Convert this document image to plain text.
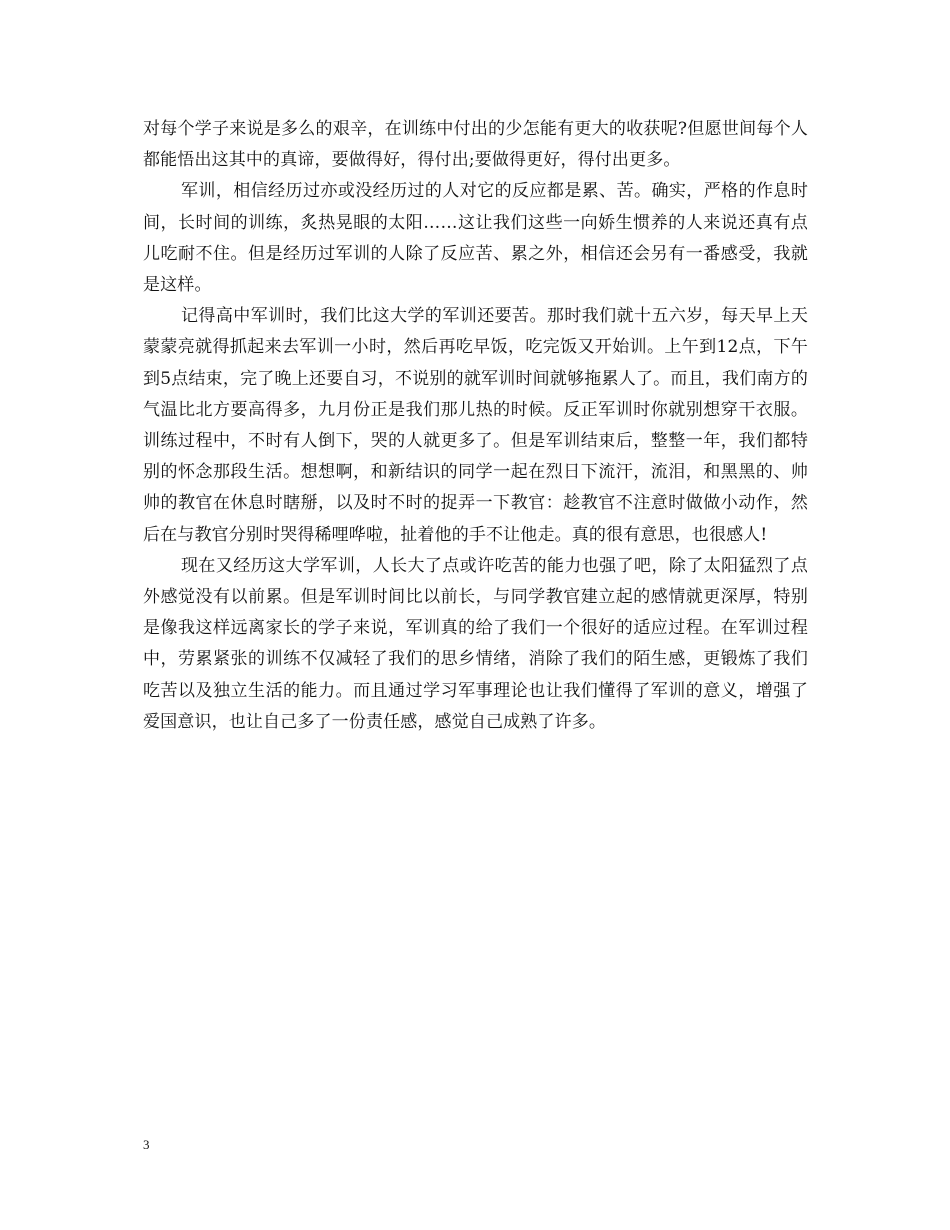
对每个学子来说是多么的艰辛，在训练中付出的少怎能有更大的收获呢?但愿世间每个人都能悟出这其中的真谛，要做得好，得付出;要做得更好，得付出更多。

军训，相信经历过亦或没经历过的人对它的反应都是累、苦。确实，严格的作息时间，长时间的训练，炙热晃眼的太阳……这让我们这些一向娇生惯养的人来说还真有点儿吃耐不住。但是经历过军训的人除了反应苦、累之外，相信还会另有一番感受，我就是这样。

记得高中军训时，我们比这大学的军训还要苦。那时我们就十五六岁，每天早上天蒙蒙亮就得抓起来去军训一小时，然后再吃早饭，吃完饭又开始训。上午到12点，下午到5点结束，完了晚上还要自习，不说别的就军训时间就够拖累人了。而且，我们南方的气温比北方要高得多，九月份正是我们那儿热的时候。反正军训时你就别想穿干衣服。训练过程中，不时有人倒下，哭的人就更多了。但是军训结束后，整整一年，我们都特别的怀念那段生活。想想啊，和新结识的同学一起在烈日下流汗，流泪，和黑黑的、帅帅的教官在休息时瞎掰，以及时不时的捉弄一下教官：趁教官不注意时做做小动作，然后在与教官分别时哭得稀哩哗啦，扯着他的手不让他走。真的很有意思，也很感人!

现在又经历这大学军训，人长大了点或许吃苦的能力也强了吧，除了太阳猛烈了点外感觉没有以前累。但是军训时间比以前长，与同学教官建立起的感情就更深厚，特别是像我这样远离家长的学子来说，军训真的给了我们一个很好的适应过程。在军训过程中，劳累紧张的训练不仅减轻了我们的思乡情绪，消除了我们的陌生感，更锻炼了我们吃苦以及独立生活的能力。而且通过学习军事理论也让我们懂得了军训的意义，增强了爱国意识，也让自己多了一份责任感，感觉自己成熟了许多。

3
